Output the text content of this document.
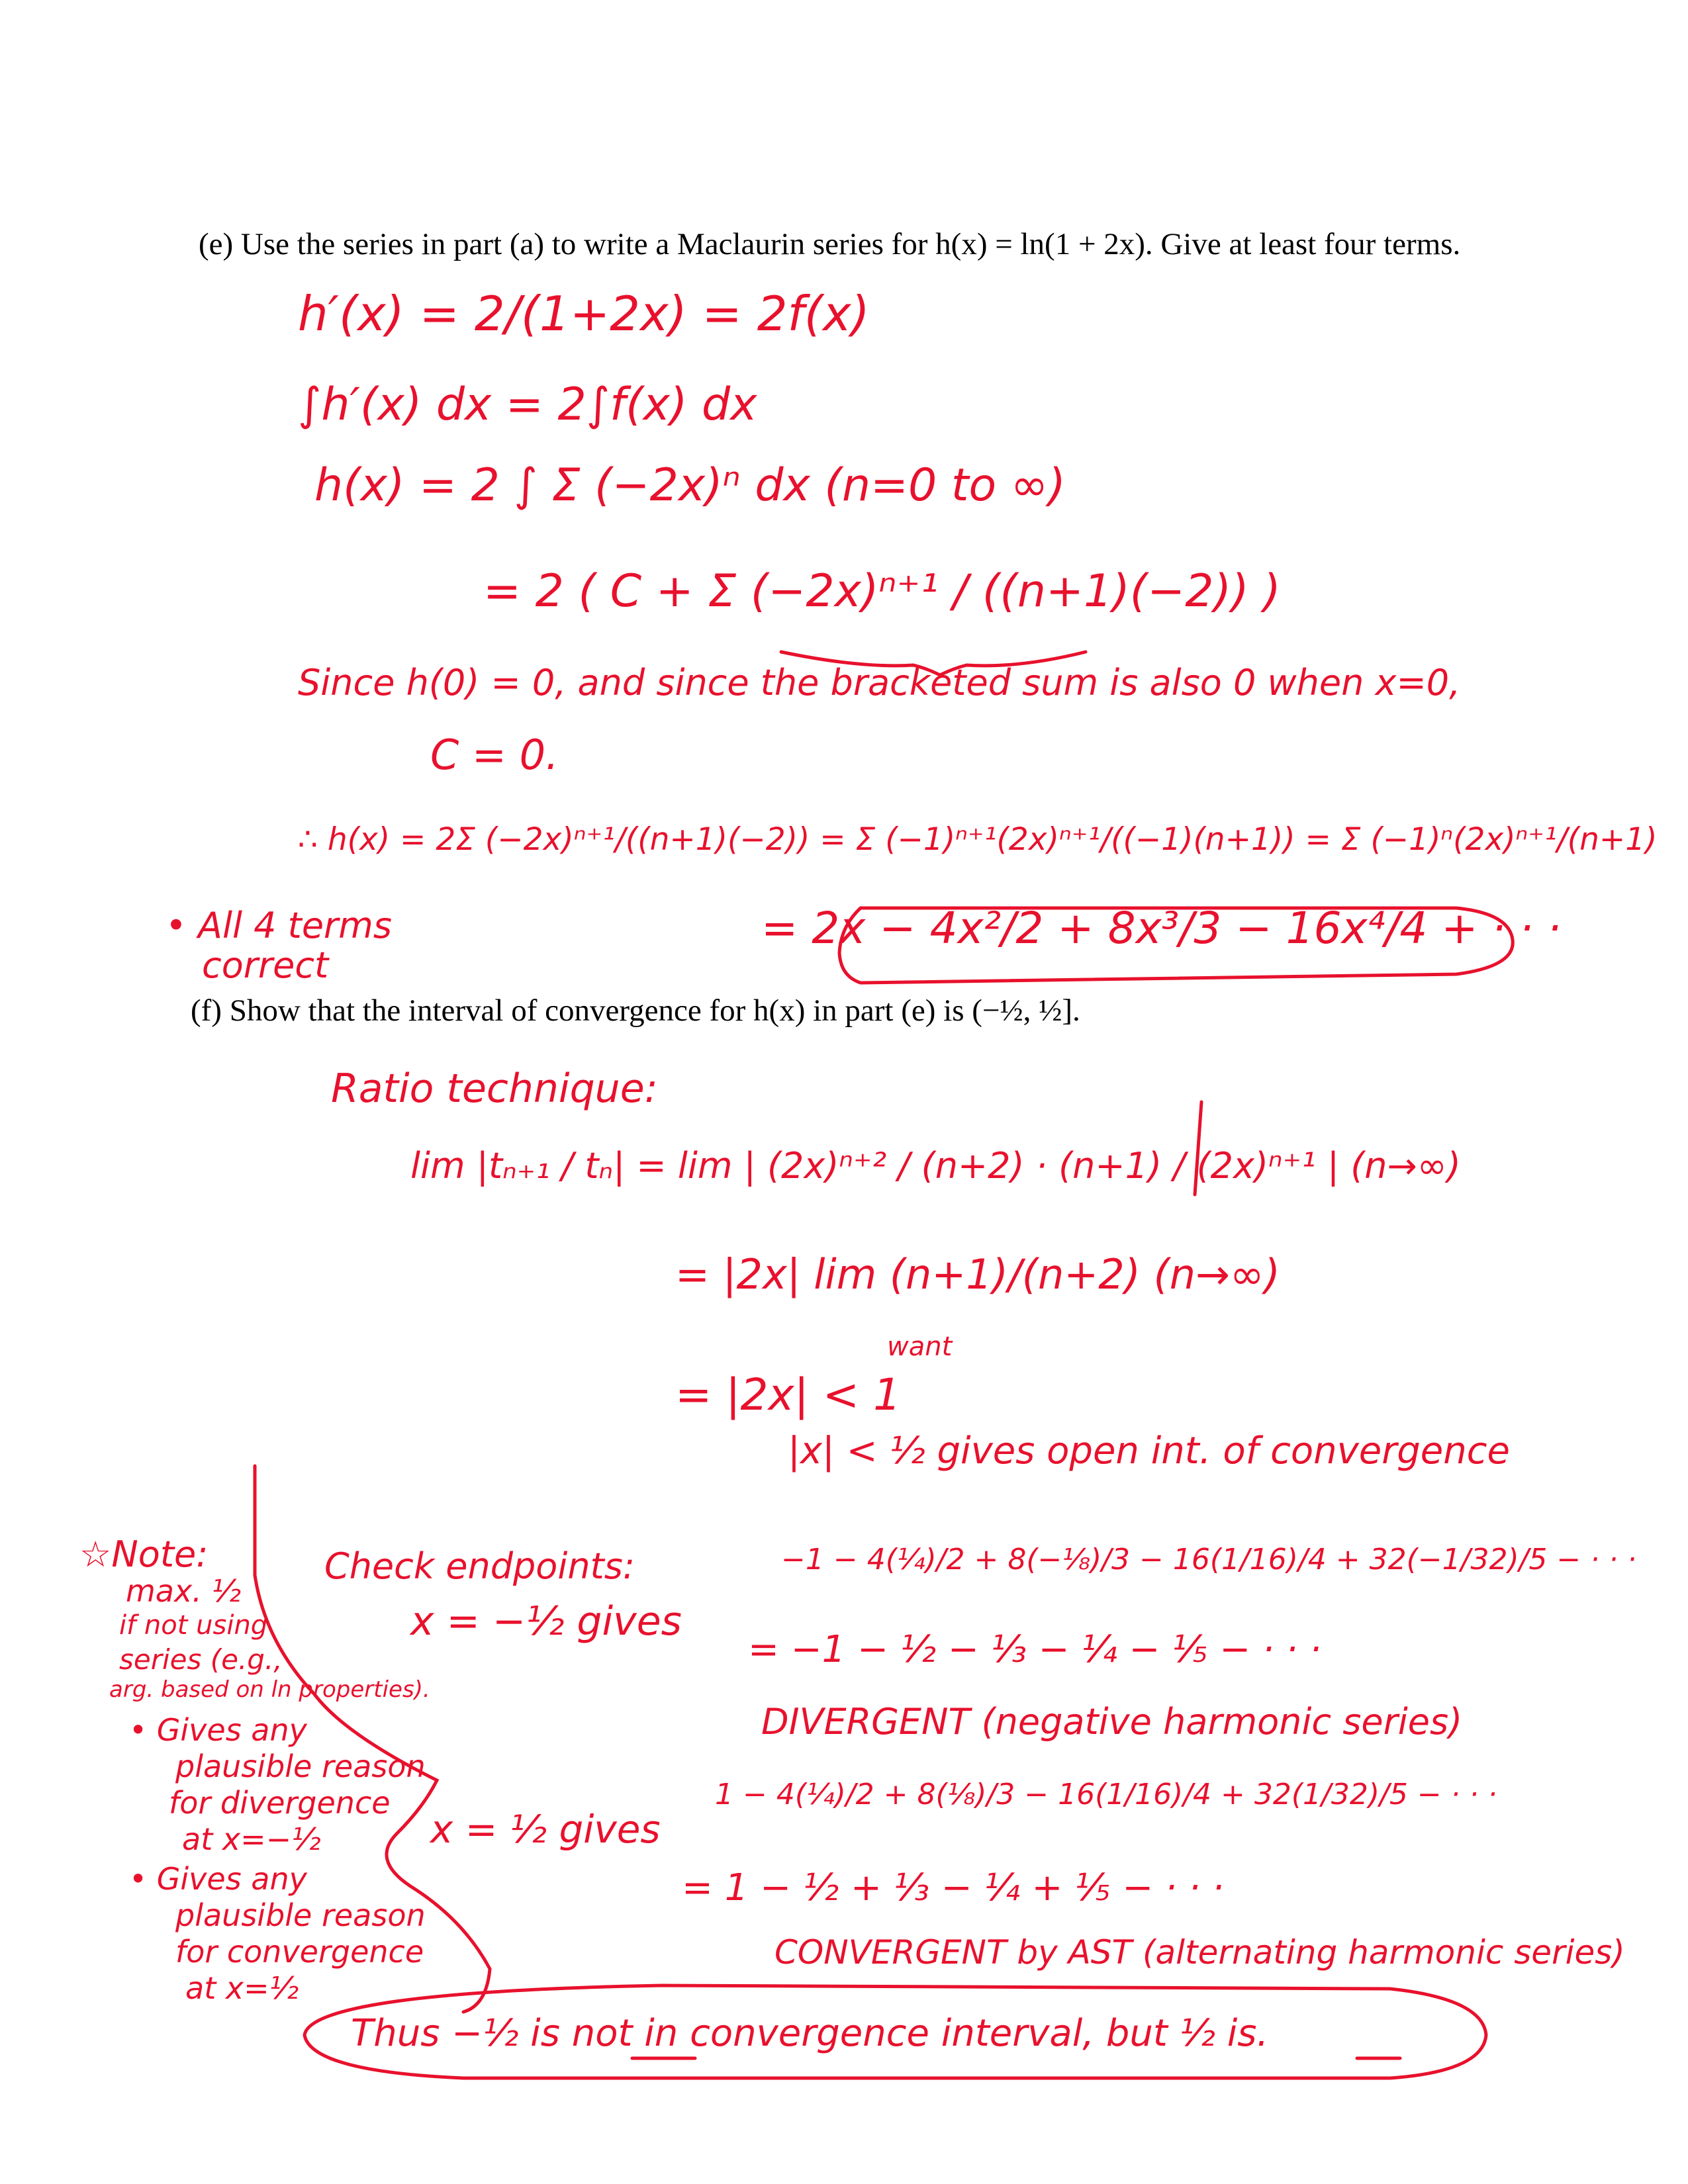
(e) Use the series in part (a) to write a Maclaurin series for h(x) = ln(1 + 2x). Give at least four terms.
(f) Show that the interval of convergence for h(x) in part (e) is (−½, ½].
h′(x) = 2/(1+2x) = 2f(x)
∫h′(x) dx = 2∫f(x) dx
h(x) = 2 ∫ Σ (−2x)ⁿ dx (n=0 to ∞)
= 2 ( C + Σ (−2x)ⁿ⁺¹ / ((n+1)(−2)) )
Since h(0) = 0, and since the bracketed sum is also 0 when x=0,
C = 0.
∴ h(x) = 2Σ (−2x)ⁿ⁺¹/((n+1)(−2)) = Σ (−1)ⁿ⁺¹(2x)ⁿ⁺¹/((−1)(n+1)) = Σ (−1)ⁿ(2x)ⁿ⁺¹/(n+1)
= 2x − 4x²/2 + 8x³/3 − 16x⁴/4 + · · ·
• All 4 terms
correct
Ratio technique:
lim |tₙ₊₁ / tₙ| = lim | (2x)ⁿ⁺² / (n+2) · (n+1) / (2x)ⁿ⁺¹ | (n→∞)
= |2x| lim (n+1)/(n+2) (n→∞)
want
= |2x| < 1
|x| < ½ gives open int. of convergence
Check endpoints:
x = −½ gives
−1 − 4(¼)/2 + 8(−⅛)/3 − 16(1/16)/4 + 32(−1/32)/5 − · · ·
= −1 − ½ − ⅓ − ¼ − ⅕ − · · ·
DIVERGENT (negative harmonic series)
x = ½ gives
1 − 4(¼)/2 + 8(⅛)/3 − 16(1/16)/4 + 32(1/32)/5 − · · ·
= 1 − ½ + ⅓ − ¼ + ⅕ − · · ·
CONVERGENT by AST (alternating harmonic series)
Thus −½ is not in convergence interval, but ½ is.
☆Note:
max. ½
if not using
series (e.g.,
arg. based on ln properties).
• Gives any
plausible reason
for divergence
at x=−½
• Gives any
plausible reason
for convergence
at x=½
